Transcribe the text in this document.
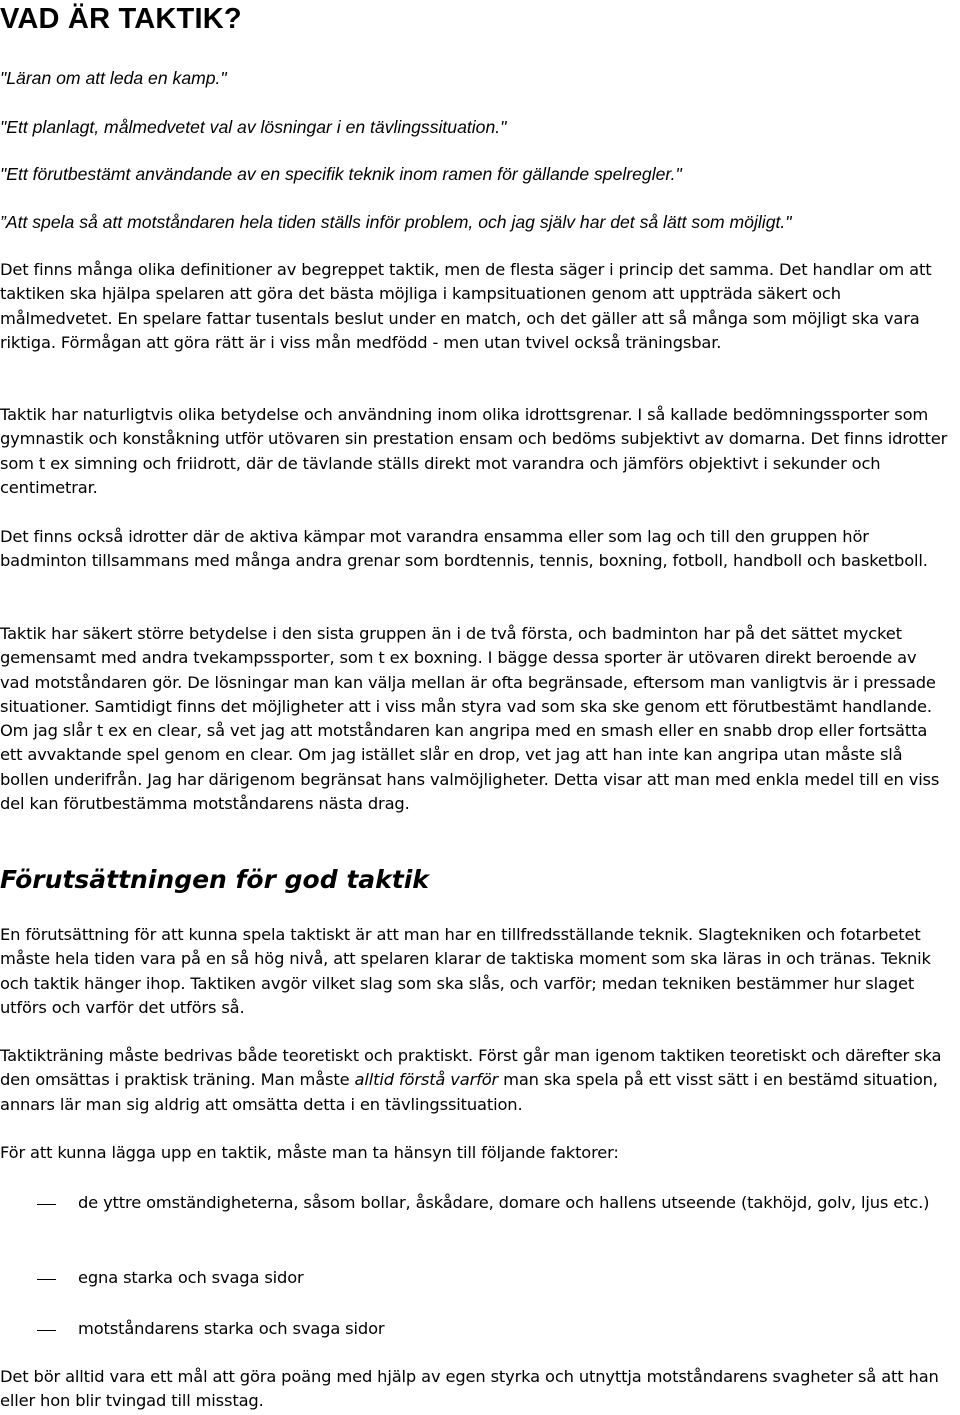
VAD ÄR TAKTIK?

"Läran om att leda en kamp."

"Ett planlagt, målmedvetet val av lösningar i en tävlingssituation."

"Ett förutbestämt användande av en specifik teknik inom ramen för gällande spelregler."

”Att spela så att motståndaren hela tiden ställs inför problem, och jag själv har det så lätt som möjligt."

Det finns många olika definitioner av begreppet taktik, men de flesta säger i princip det samma. Det handlar om att taktiken ska hjälpa spelaren att göra det bästa möjliga i kampsituationen genom att uppträda säkert och målmedvetet. En spelare fattar tusentals beslut under en match, och det gäller att så många som möjligt ska vara riktiga. Förmågan att göra rätt är i viss mån medfödd - men utan tvivel också träningsbar.

Taktik har naturligtvis olika betydelse och användning inom olika idrottsgrenar. I så kallade bedömningssporter som gymnastik och konståkning utför utövaren sin prestation ensam och bedöms subjektivt av domarna. Det finns idrotter som t ex simning och friidrott, där de tävlande ställs direkt mot varandra och jämförs objektivt i sekunder och centimetrar.

Det finns också idrotter där de aktiva kämpar mot varandra ensamma eller som lag och till den gruppen hör badminton tillsammans med många andra grenar som bordtennis, tennis, boxning, fotboll, handboll och basketboll.

Taktik har säkert större betydelse i den sista gruppen än i de två första, och badminton har på det sättet mycket gemensamt med andra tvekampssporter, som t ex boxning. I bägge dessa sporter är utövaren direkt beroende av vad motståndaren gör. De lösningar man kan välja mellan är ofta begränsade, eftersom man vanligtvis är i pressade situationer. Samtidigt finns det möjligheter att i viss mån styra vad som ska ske genom ett förutbestämt handlande. Om jag slår t ex en clear, så vet jag att motståndaren kan angripa med en smash eller en snabb drop eller fortsätta ett avvaktande spel genom en clear. Om jag istället slår en drop, vet jag att han inte kan angripa utan måste slå bollen underifrån. Jag har därigenom begränsat hans valmöjligheter. Detta visar att man med enkla medel till en viss del kan förutbestämma motståndarens nästa drag.

Förutsättningen för god taktik

En förutsättning för att kunna spela taktiskt är att man har en tillfredsställande teknik. Slagtekniken och fotarbetet måste hela tiden vara på en så hög nivå, att spelaren klarar de taktiska moment som ska läras in och tränas. Teknik och taktik hänger ihop. Taktiken avgör vilket slag som ska slås, och varför; medan tekniken bestämmer hur slaget utförs och varför det utförs så.

Taktikträning måste bedrivas både teoretiskt och praktiskt. Först går man igenom taktiken teoretiskt och därefter ska den omsättas i praktisk träning. Man måste alltid förstå varför man ska spela på ett visst sätt i en bestämd situation, annars lär man sig aldrig att omsätta detta i en tävlingssituation.

För att kunna lägga upp en taktik, måste man ta hänsyn till följande faktorer:

de yttre omständigheterna, såsom bollar, åskådare, domare och hallens utseende (takhöjd, golv, ljus etc.)
egna starka och svaga sidor
motståndarens starka och svaga sidor

Det bör alltid vara ett mål att göra poäng med hjälp av egen styrka och utnyttja motståndarens svagheter så att han eller hon blir tvingad till misstag.
